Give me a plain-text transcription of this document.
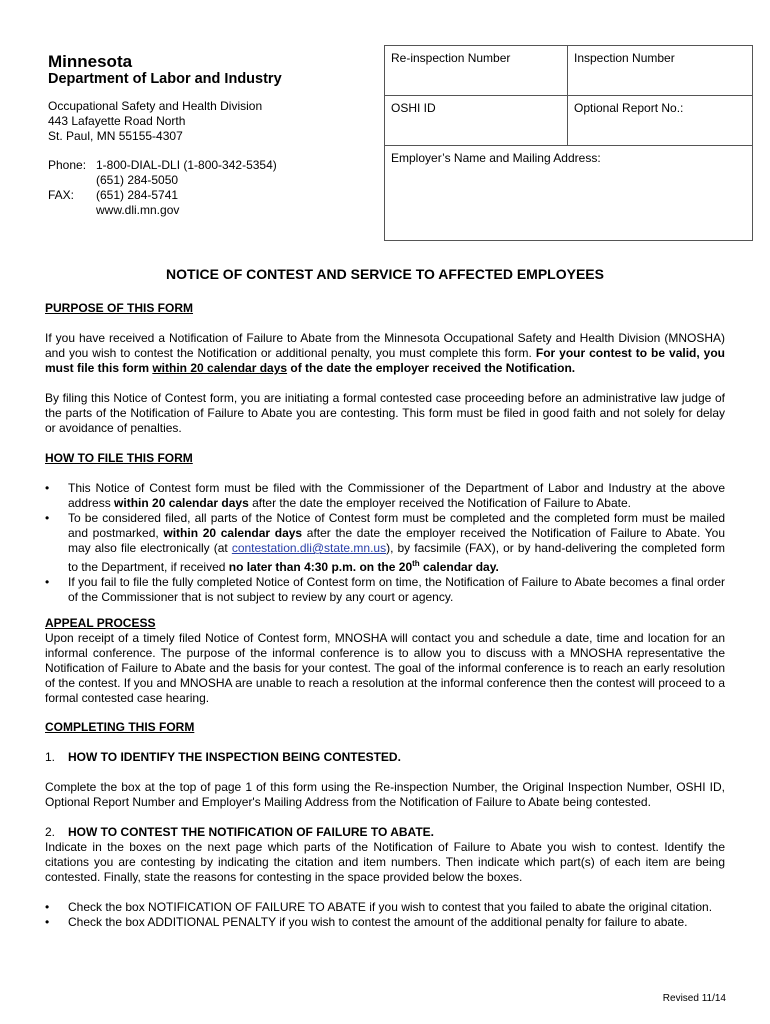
Minnesota
Department of Labor and Industry
Occupational Safety and Health Division
443 Lafayette Road North
St. Paul, MN 55155-4307
Phone: 1-800-DIAL-DLI (1-800-342-5354)
(651) 284-5050
FAX:	(651) 284-5741
www.dli.mn.gov
Re-inspection Number	Inspection Number
OSHI ID	Optional Report No.:
Employer’s Name and Mailing Address:	
NOTICE OF CONTEST AND SERVICE TO AFFECTED EMPLOYEES
PURPOSE OF THIS FORM
If you have received a Notification of Failure to Abate from the Minnesota Occupational Safety and Health Division (MNOSHA) and you wish to contest the Notification or additional penalty, you must complete this form. For your contest to be valid, you must file this form within 20 calendar days of the date the employer received the Notification.
By filing this Notice of Contest form, you are initiating a formal contested case proceeding before an administrative law judge of the parts of the Notification of Failure to Abate you are contesting. This form must be filed in good faith and not solely for delay or avoidance of penalties.
HOW TO FILE THIS FORM
•	This Notice of Contest form must be filed with the Commissioner of the Department of Labor and Industry at the above address within 20 calendar days after the date the employer received the Notification of Failure to Abate.
•	To be considered filed, all parts of the Notice of Contest form must be completed and the completed form must be mailed and postmarked, within 20 calendar days after the date the employer received the Notification of Failure to Abate. You may also file electronically (at contestation.dli@state.mn.us), by facsimile (FAX), or by hand-delivering the completed form to the Department, if received no later than 4:30 p.m. on the 20th calendar day.
•	If you fail to file the fully completed Notice of Contest form on time, the Notification of Failure to Abate becomes a final order of the Commissioner that is not subject to review by any court or agency.
APPEAL PROCESS
Upon receipt of a timely filed Notice of Contest form, MNOSHA will contact you and schedule a date, time and location for an informal conference. The purpose of the informal conference is to allow you to discuss with a MNOSHA representative the Notification of Failure to Abate and the basis for your contest. The goal of the informal conference is to reach an early resolution of the contest. If you and MNOSHA are unable to reach a resolution at the informal conference then the contest will proceed to a formal contested case hearing.
COMPLETING THIS FORM
1. HOW TO IDENTIFY THE INSPECTION BEING CONTESTED.
Complete the box at the top of page 1 of this form using the Re-inspection Number, the Original Inspection Number, OSHI ID, Optional Report Number and Employer's Mailing Address from the Notification of Failure to Abate being contested.
2. HOW TO CONTEST THE NOTIFICATION OF FAILURE TO ABATE.
Indicate in the boxes on the next page which parts of the Notification of Failure to Abate you wish to contest. Identify the citations you are contesting by indicating the citation and item numbers. Then indicate which part(s) of each item are being contested. Finally, state the reasons for contesting in the space provided below the boxes.
•	Check the box NOTIFICATION OF FAILURE TO ABATE if you wish to contest that you failed to abate the original citation.
•	Check the box ADDITIONAL PENALTY if you wish to contest the amount of the additional penalty for failure to abate.
Revised 11/14
